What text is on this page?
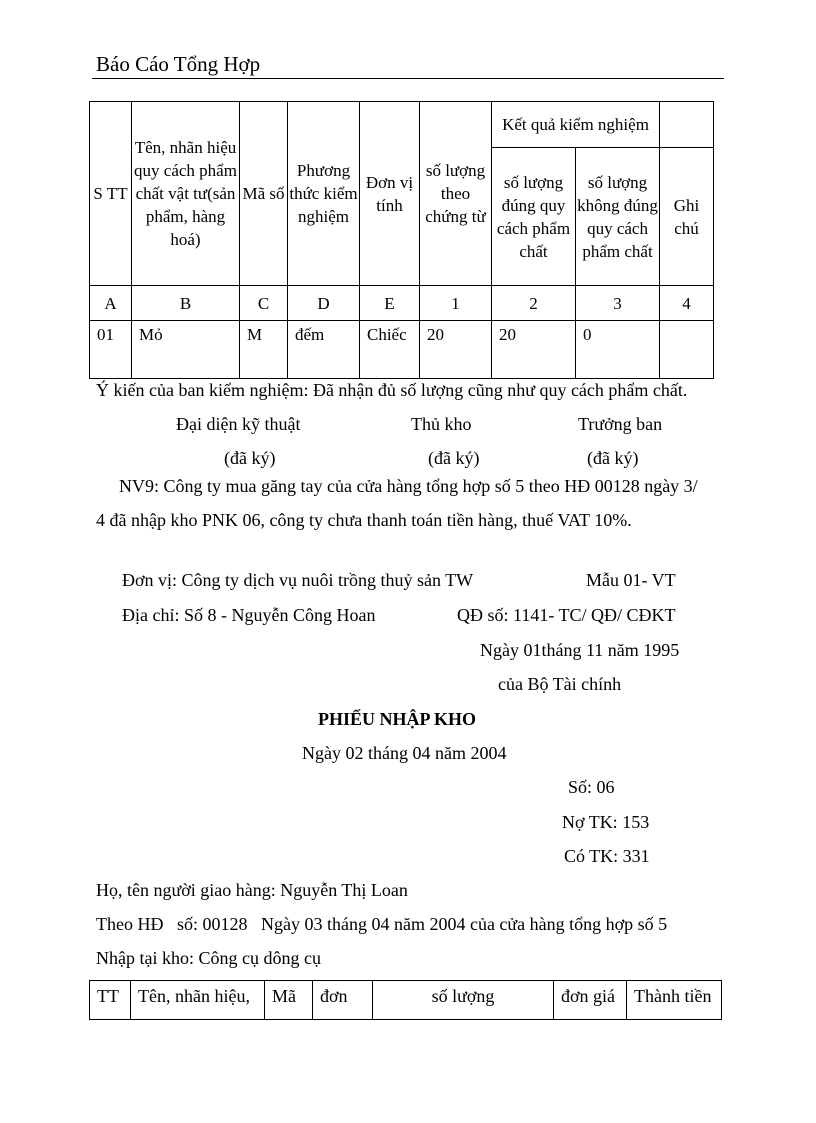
Báo Cáo Tổng Hợp
S TT	Tên, nhãn hiệu quy cách phẩm chất vật tư(sản phẩm, hàng hoá)	Mã số	Phương thức kiểm nghiệm	Đơn vị tính	số lượng theo chứng từ	Kết quả kiểm nghiệm		
						số lượng đúng quy cách phẩm chất	số lượng không đúng quy cách phẩm chất	Ghi chú
A	B	C	D	E	1	2	3	4
01	Mỏ	M	đếm	Chiếc	20	20	0	
Ý kiến của ban kiểm nghiệm: Đã nhận đủ số lượng cũng như quy cách phẩm chất.
Đại diện kỹ thuật	Thủ kho	Trưởng ban
(đã ký)	(đã ký)	(đã ký)
NV9: Công ty mua găng tay của cửa hàng tổng hợp số 5 theo HĐ 00128 ngày 3/
4 đã nhập kho PNK 06, công ty chưa thanh toán tiền hàng, thuế VAT 10%.
Đơn vị: Công ty dịch vụ nuôi trồng thuỷ sản TW	Mẫu 01- VT
Địa chỉ: Số 8 - Nguyễn Công Hoan	QĐ số: 1141- TC/ QĐ/ CĐKT
Ngày 01tháng 11 năm 1995
của Bộ Tài chính
PHIẾU NHẬP KHO
Ngày 02 tháng 04 năm 2004
Số: 06
Nợ TK: 153
Có TK: 331
Họ, tên người giao hàng: Nguyễn Thị Loan
Theo HĐ   số: 00128   Ngày 03 tháng 04 năm 2004 của cửa hàng tổng hợp số 5
Nhập tại kho: Công cụ dông cụ
TT	Tên, nhãn hiệu,	Mã	đơn	số lượng	đơn giá	Thành tiền
